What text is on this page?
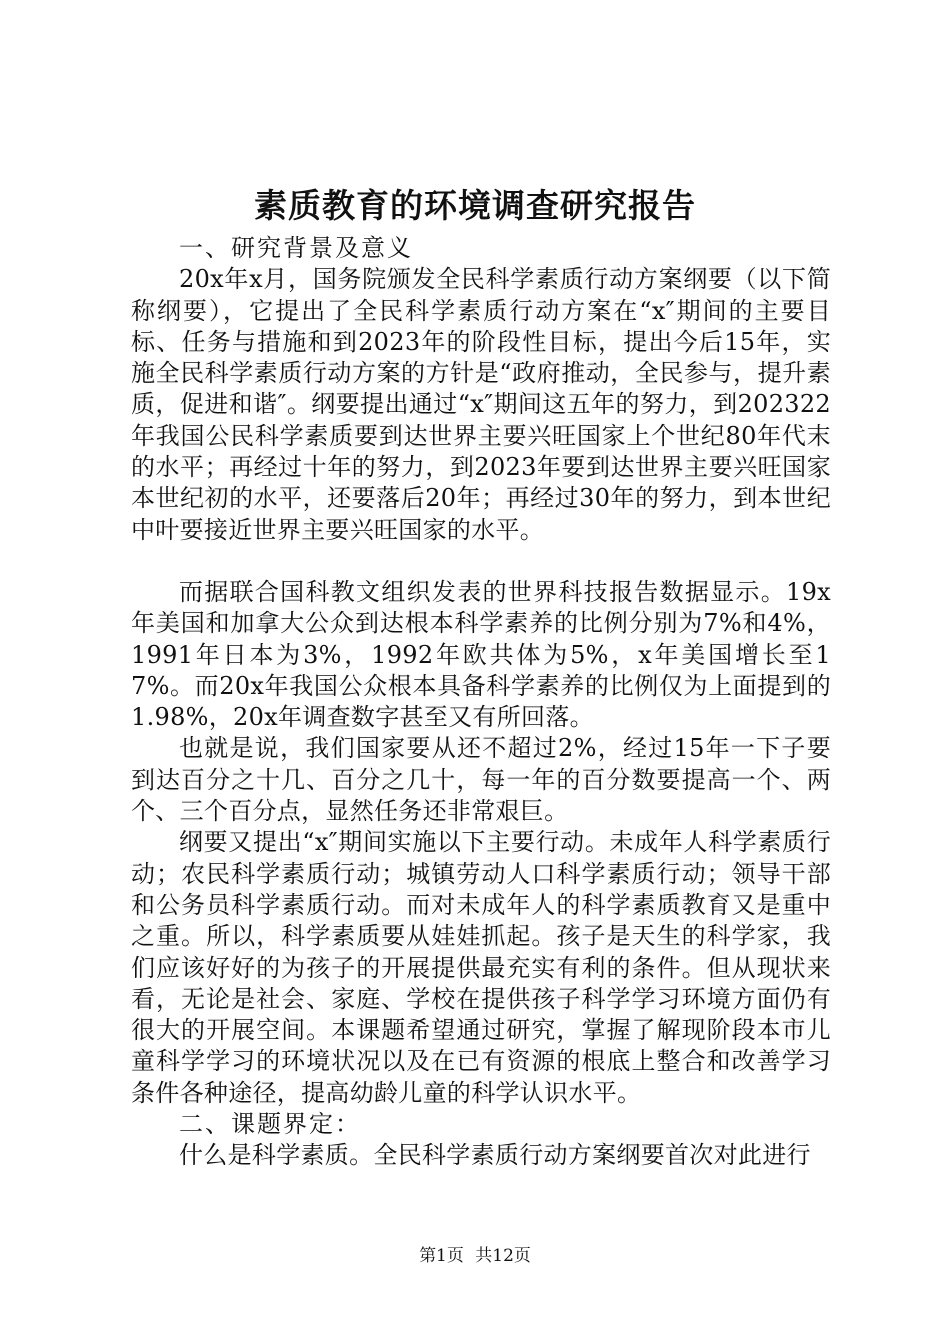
素质教育的环境调查研究报告

一、研究背景及意义

20x年x月，国务院颁发全民科学素质行动方案纲要（以下简称纲要），它提出了全民科学素质行动方案在“x″期间的主要目标、任务与措施和到2023年的阶段性目标，提出今后15年，实施全民科学素质行动方案的方针是“政府推动，全民参与，提升素质，促进和谐″。纲要提出通过“x″期间这五年的努力，到202322年我国公民科学素质要到达世界主要兴旺国家上个世纪80年代末的水平；再经过十年的努力，到2023年要到达世界主要兴旺国家本世纪初的水平，还要落后20年；再经过30年的努力，到本世纪中叶要接近世界主要兴旺国家的水平。

而据联合国科教文组织发表的世界科技报告数据显示。19x年美国和加拿大公众到达根本科学素养的比例分别为7%和4%，1991年日本为3%，1992年欧共体为5%，x年美国增长至17%。而20x年我国公众根本具备科学素养的比例仅为上面提到的1.98%，20x年调查数字甚至又有所回落。

也就是说，我们国家要从还不超过2%，经过15年一下子要到达百分之十几、百分之几十，每一年的百分数要提高一个、两个、三个百分点，显然任务还非常艰巨。

纲要又提出“x″期间实施以下主要行动。未成年人科学素质行动；农民科学素质行动；城镇劳动人口科学素质行动；领导干部和公务员科学素质行动。而对未成年人的科学素质教育又是重中之重。所以，科学素质要从娃娃抓起。孩子是天生的科学家，我们应该好好的为孩子的开展提供最充实有利的条件。但从现状来看，无论是社会、家庭、学校在提供孩子科学学习环境方面仍有很大的开展空间。本课题希望通过研究，掌握了解现阶段本市儿童科学学习的环境状况以及在已有资源的根底上整合和改善学习条件各种途径，提高幼龄儿童的科学认识水平。

二、课题界定：

什么是科学素质。全民科学素质行动方案纲要首次对此进行

第1页 共12页
